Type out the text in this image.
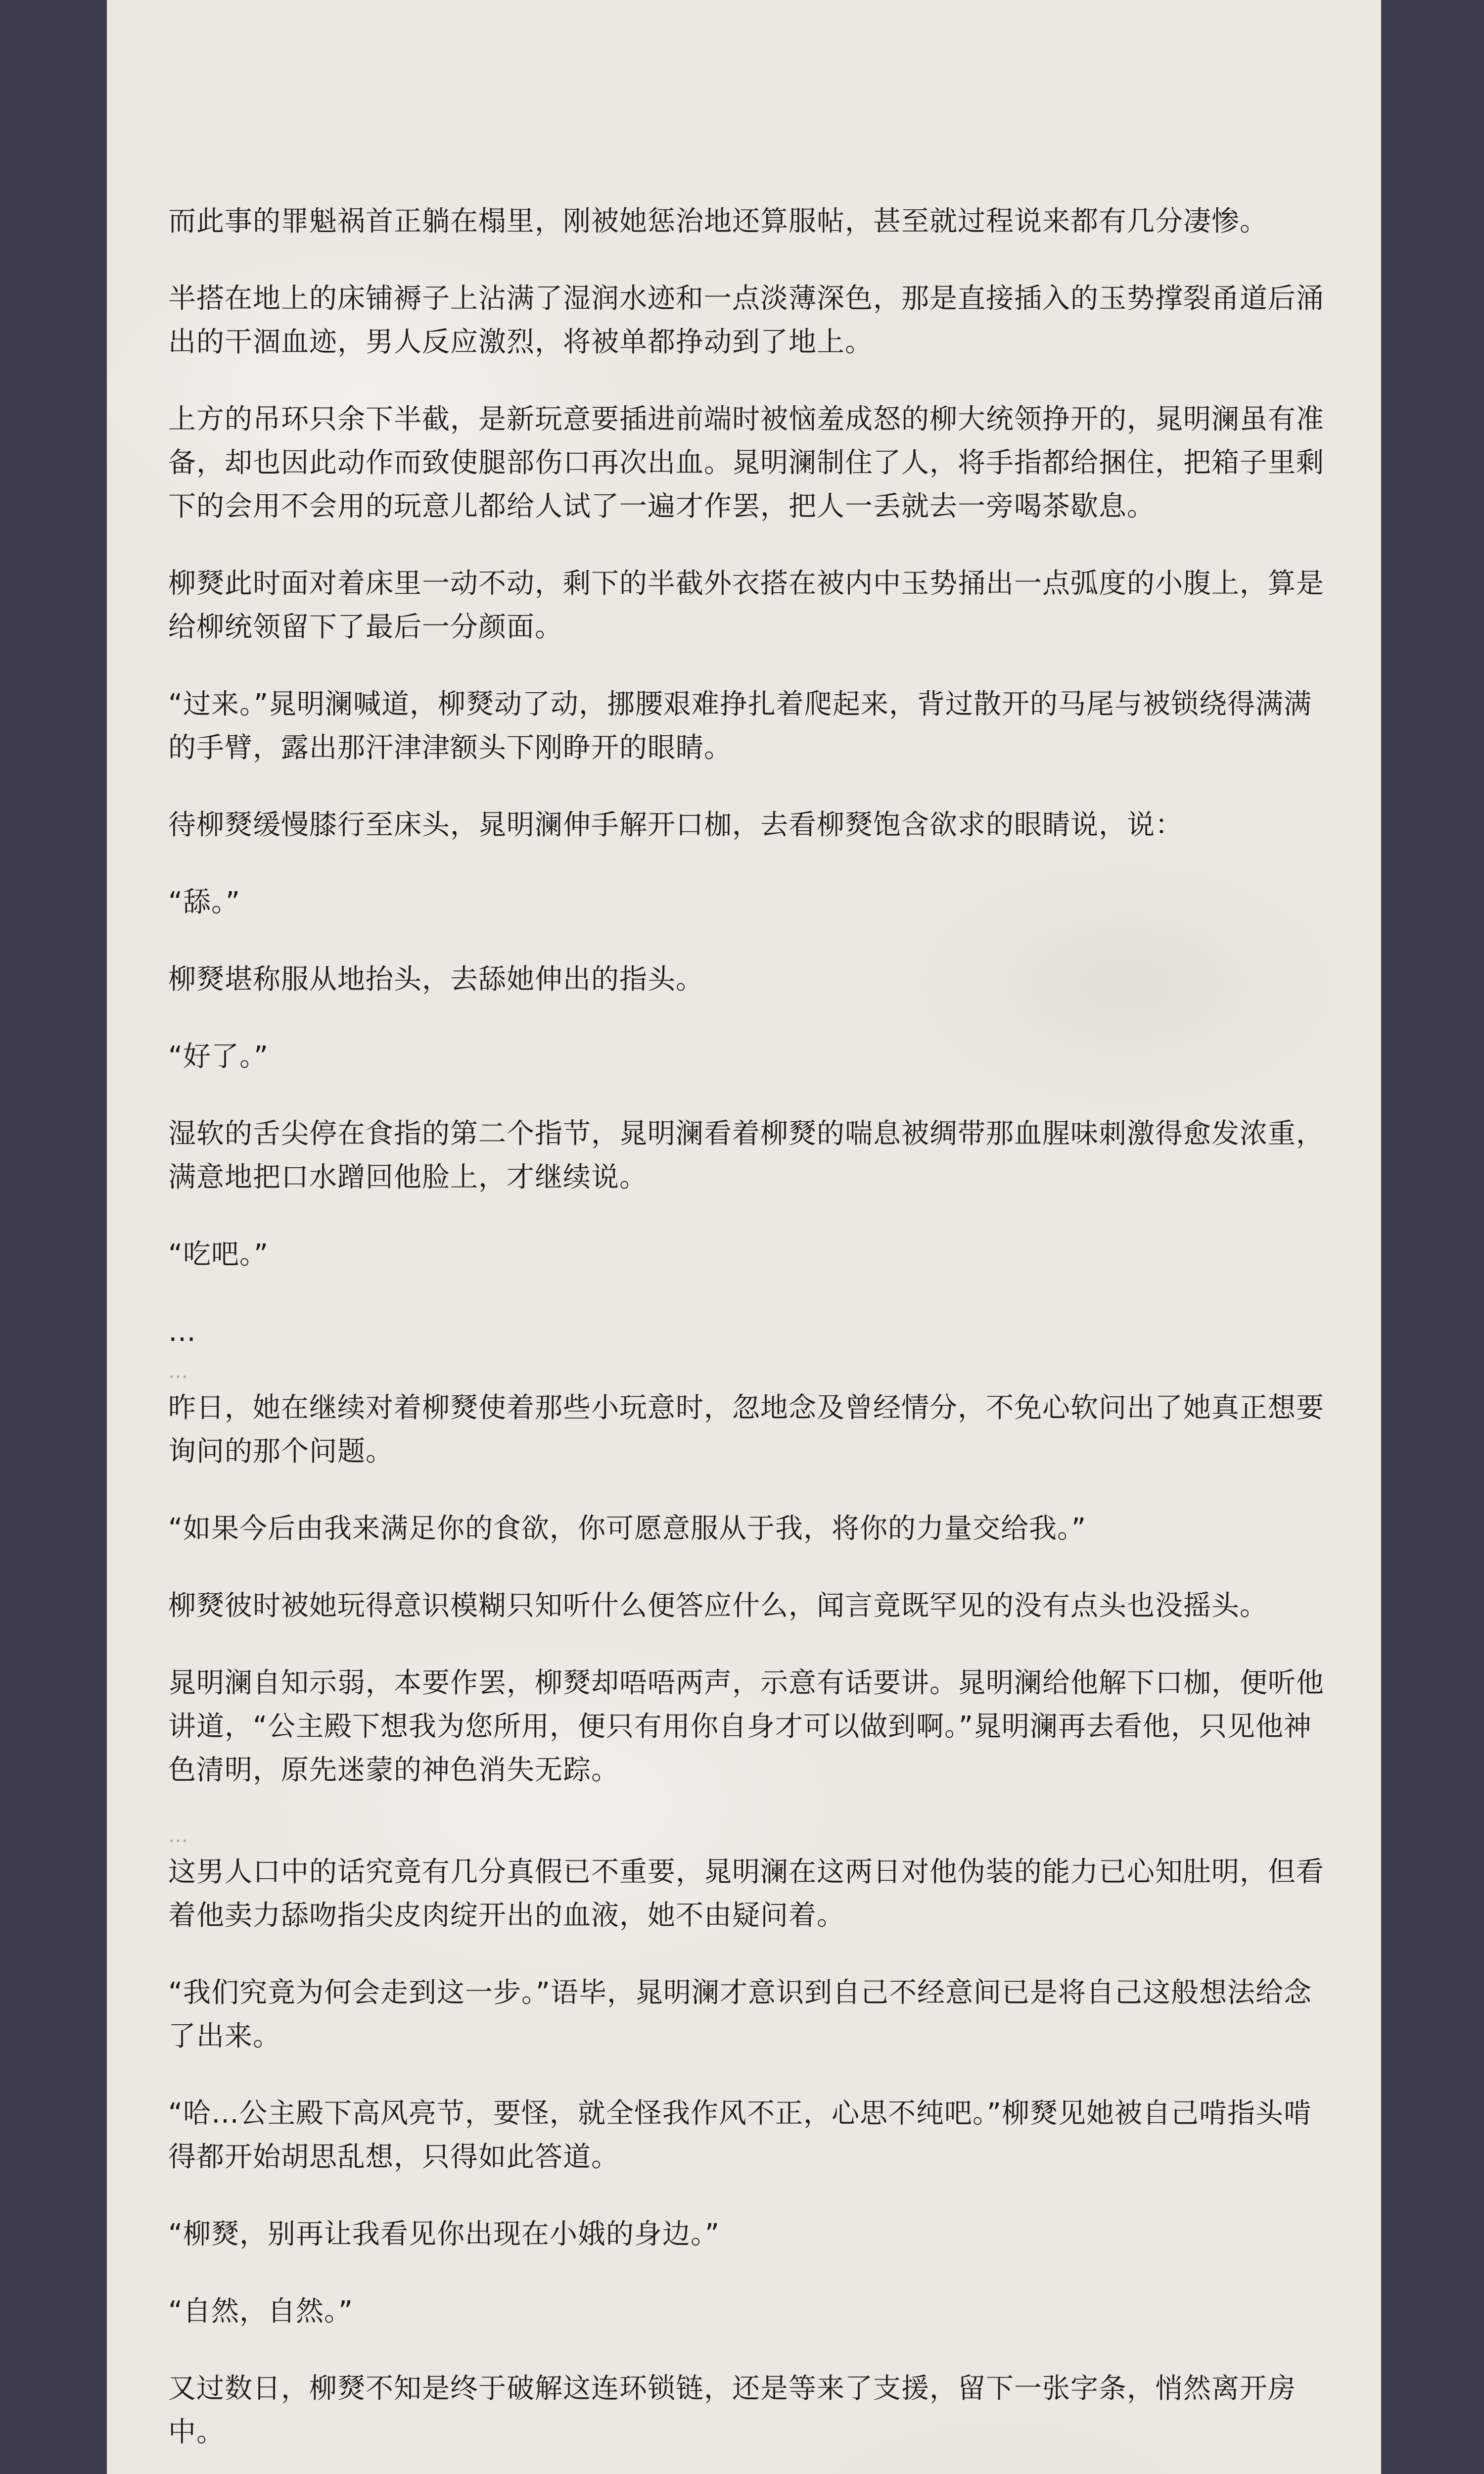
而此事的罪魁祸首正躺在榻里，刚被她惩治地还算服帖，甚至就过程说来都有几分凄惨。

半搭在地上的床铺褥子上沾满了湿润水迹和一点淡薄深色，那是直接插入的玉势撑裂甬道后涌出的干涸血迹，男人反应激烈，将被单都挣动到了地上。

上方的吊环只余下半截，是新玩意要插进前端时被恼羞成怒的柳大统领挣开的，晁明澜虽有准备，却也因此动作而致使腿部伤口再次出血。晁明澜制住了人，将手指都给捆住，把箱子里剩下的会用不会用的玩意儿都给人试了一遍才作罢，把人一丢就去一旁喝茶歇息。

柳燹此时面对着床里一动不动，剩下的半截外衣搭在被内中玉势捅出一点弧度的小腹上，算是给柳统领留下了最后一分颜面。

“过来。”晁明澜喊道，柳燹动了动，挪腰艰难挣扎着爬起来，背过散开的马尾与被锁绕得满满的手臂，露出那汗津津额头下刚睁开的眼睛。

待柳燹缓慢膝行至床头，晁明澜伸手解开口枷，去看柳燹饱含欲求的眼睛说，说：

“舔。”

柳燹堪称服从地抬头，去舔她伸出的指头。

“好了。”

湿软的舌尖停在食指的第二个指节，晁明澜看着柳燹的喘息被绸带那血腥味刺激得愈发浓重，满意地把口水蹭回他脸上，才继续说。

“吃吧。”

…

…

昨日，她在继续对着柳燹使着那些小玩意时，忽地念及曾经情分，不免心软问出了她真正想要询问的那个问题。

“如果今后由我来满足你的食欲，你可愿意服从于我，将你的力量交给我。”

柳燹彼时被她玩得意识模糊只知听什么便答应什么，闻言竟既罕见的没有点头也没摇头。

晁明澜自知示弱，本要作罢，柳燹却唔唔两声，示意有话要讲。晁明澜给他解下口枷，便听他讲道，“公主殿下想我为您所用，便只有用你自身才可以做到啊。”晁明澜再去看他，只见他神色清明，原先迷蒙的神色消失无踪。

…

这男人口中的话究竟有几分真假已不重要，晁明澜在这两日对他伪装的能力已心知肚明，但看着他卖力舔吻指尖皮肉绽开出的血液，她不由疑问着。

“我们究竟为何会走到这一步。”语毕，晁明澜才意识到自己不经意间已是将自己这般想法给念了出来。

“哈…公主殿下高风亮节，要怪，就全怪我作风不正，心思不纯吧。”柳燹见她被自己啃指头啃得都开始胡思乱想，只得如此答道。

“柳燹，别再让我看见你出现在小娥的身边。”

“自然，自然。”

又过数日，柳燹不知是终于破解这连环锁链，还是等来了支援，留下一张字条，悄然离开房中。
